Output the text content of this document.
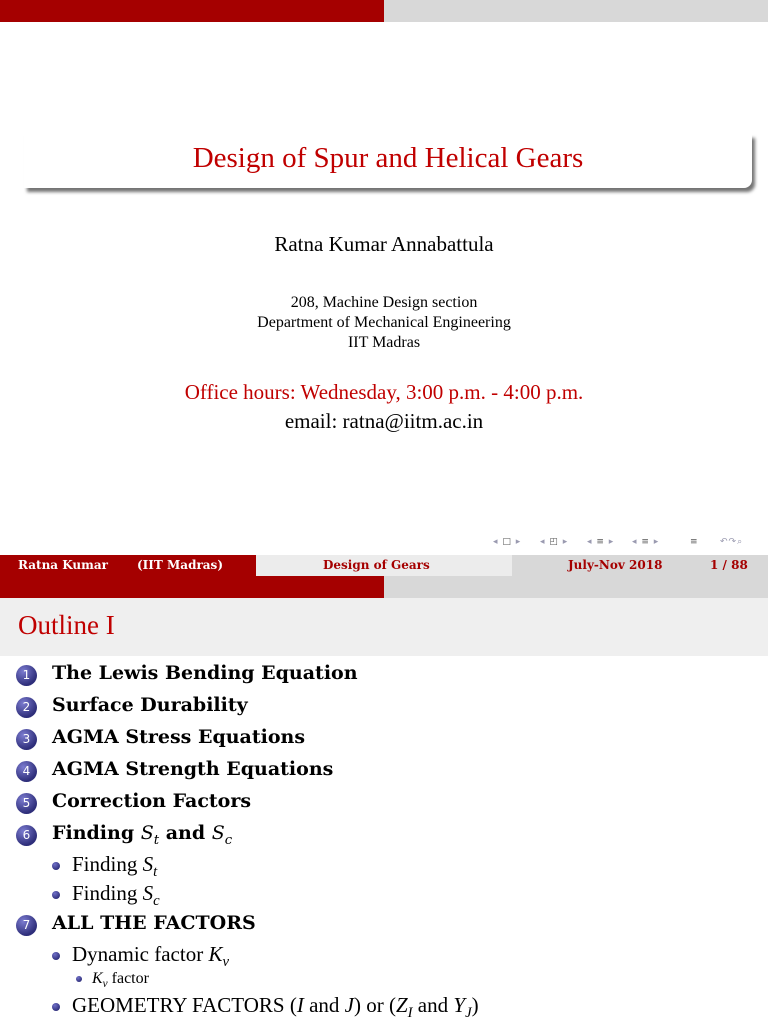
Design of Spur and Helical Gears
Ratna Kumar Annabattula
208, Machine Design section
Department of Mechanical Engineering
IIT Madras
Office hours: Wednesday, 3:00 p.m. - 4:00 p.m.
email: ratna@iitm.ac.in
◂ □ ▸ ◂ ◰ ▸ ◂ ≡ ▸ ◂ ≡ ▸	≡ ↶↷⌕
Ratna Kumar (IIT Madras)	Design of Gears	July-Nov 2018	1 / 88
Outline I
1	The Lewis Bending Equation
2	Surface Durability
3	AGMA Stress Equations
4	AGMA Strength Equations
5	Correction Factors
6	Finding $S_t$ and $S_c$
Finding $S_t$
Finding $S_c$
7	ALL THE FACTORS
Dynamic factor $K_v$
$K_v$ factor
GEOMETRY FACTORS (I and J) or ($Z_I$ and $Y_J$)
